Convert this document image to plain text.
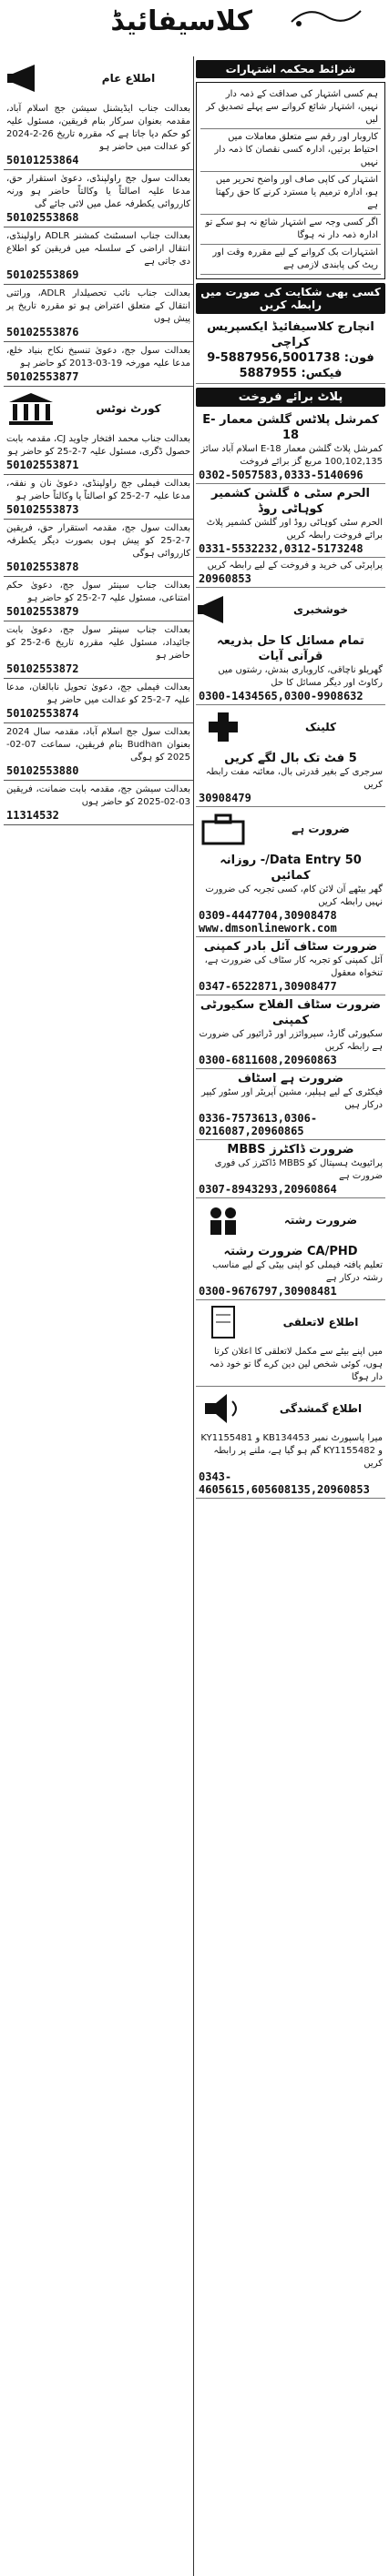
کلاسیفائیڈ
شرائط محکمہ اشتہارات
ہم کسی اشتہار کی صداقت کے ذمہ دار نہیں، اشتہار شائع کروانے سے پہلے تصدیق کر لیں
کاروبار اور رقم سے متعلق معاملات میں احتیاط برتیں، ادارہ کسی نقصان کا ذمہ دار نہیں
اشتہار کی کاپی صاف اور واضح تحریر میں ہو، ادارہ ترمیم یا مسترد کرنے کا حق رکھتا ہے
اگر کسی وجہ سے اشتہار شائع نہ ہو سکے تو ادارہ ذمہ دار نہ ہوگا
اشتہارات بک کروانے کے لیے مقررہ وقت اور ریٹ کی پابندی لازمی ہے
کسی بھی شکایت کی صورت میں رابطہ کریں
انچارج کلاسیفائیڈ ایکسپریس کراچی
فون: 5887956,5001738-9
فیکس: 5887955
پلاٹ برائے فروخت
کمرشل پلاٹس گلشن معمار E-18
کمرشل پلاٹ گلشن معمار E-18 اسلام آباد سائز 100,102,135 مربع گز برائے فروخت
0302-5057583,0333-5140696
الحرم سٹی ہ گلشن کشمیر کوہاٹی روڈ
الحرم سٹی کوہاٹی روڈ اور گلشن کشمیر پلاٹ برائے فروخت رابطہ کریں
0331-5532232,0312-5173248
پراپرٹی کی خرید و فروخت کے لیے رابطہ کریں
20960853
خوشخبری
تمام مسائل کا حل بذریعہ قرآنی آیات
گھریلو ناچاقی، کاروباری بندش، رشتوں میں رکاوٹ اور دیگر مسائل کا حل
0300-1434565,0300-9908632
کلینک
5 فٹ تک بال لگے کریں
سرجری کے بغیر قدرتی بال، معائنہ مفت رابطہ کریں
30908479
ضرورت ہے
Data Entry 50/- روزانہ کمائیں
گھر بیٹھے آن لائن کام، کسی تجربہ کی ضرورت نہیں رابطہ کریں
0309-4447704,30908478 www.dmsonlinework.com
ضرورت سٹاف آئل بادر کمپنی
آئل کمپنی کو تجربہ کار سٹاف کی ضرورت ہے، تنخواہ معقول
0347-6522871,30908477
ضرورت سٹاف الفلاح سکیورٹی کمپنی
سکیورٹی گارڈ، سپروائزر اور ڈرائیور کی ضرورت ہے رابطہ کریں
0300-6811608,20960863
ضرورت ہے اسٹاف
فیکٹری کے لیے ہیلپر، مشین آپریٹر اور سٹور کیپر درکار ہیں
0336-7573613,0306-0216087,20960865
ضرورت ڈاکٹرز MBBS
پرائیویٹ ہسپتال کو MBBS ڈاکٹرز کی فوری ضرورت ہے
0307-8943293,20960864
ضرورت رشتہ
CA/PHD ضرورت رشتہ
تعلیم یافتہ فیملی کو اپنی بیٹی کے لیے مناسب رشتہ درکار ہے
0300-9676797,30908481
اطلاع لاتعلقی
میں اپنے بیٹے سے مکمل لاتعلقی کا اعلان کرتا ہوں، کوئی شخص لین دین کرے گا تو خود ذمہ دار ہوگا
اطلاع گمشدگی
میرا پاسپورٹ نمبر KB134453 و KY1155481 و KY1155482 گم ہو گیا ہے، ملنے پر رابطہ کریں
0343-4605615,605608135,20960853
اطلاع عام
بعدالت جناب ایڈیشنل سیشن جج اسلام آباد، مقدمہ بعنوان سرکار بنام فریقین، مسئول علیہ کو حکم دیا جاتا ہے کہ مقررہ تاریخ 26-2-2024 کو عدالت میں حاضر ہو
50101253864
بعدالت سول جج راولپنڈی، دعویٰ استقرار حق، مدعا علیہ اصالتاً یا وکالتاً حاضر ہو ورنہ کارروائی یکطرفہ عمل میں لائی جائے گی
50102553868
بعدالت جناب اسسٹنٹ کمشنر ADLR راولپنڈی، انتقال اراضی کے سلسلہ میں فریقین کو اطلاع دی جاتی ہے
50102553869
بعدالت جناب نائب تحصیلدار ADLR، وراثتی انتقال کے متعلق اعتراض ہو تو مقررہ تاریخ پر پیش ہوں
50102553876
بعدالت سول جج، دعویٰ تنسیخ نکاح بنیاد خلع، مدعا علیہ مورخہ 19-03-2013 کو حاضر ہو
50102553877
کورٹ نوٹس
بعدالت جناب محمد افتخار جاوید CJ، مقدمہ بابت حصول ڈگری، مسئول علیہ 7-2-25 کو حاضر ہو
50102553871
بعدالت فیملی جج راولپنڈی، دعویٰ نان و نفقہ، مدعا علیہ 7-2-25 کو اصالتاً یا وکالتاً حاضر ہو
50102553873
بعدالت سول جج، مقدمہ استقرار حق، فریقین 7-2-25 کو پیش ہوں بصورت دیگر یکطرفہ کارروائی ہوگی
50102553878
بعدالت جناب سینئر سول جج، دعویٰ حکم امتناعی، مسئول علیہ 7-2-25 کو حاضر ہو
50102553879
بعدالت جناب سینئر سول جج، دعویٰ بابت جائیداد، مسئول علیہ مقررہ تاریخ 6-2-25 کو حاضر ہو
50102553872
بعدالت فیملی جج، دعویٰ تحویل نابالغان، مدعا علیہ 7-2-25 کو عدالت میں حاضر ہو
50102553874
بعدالت سول جج اسلام آباد، مقدمہ سال 2024 بعنوان Budhan بنام فریقین، سماعت 07-02-2025 کو ہوگی
50102553880
بعدالت سیشن جج، مقدمہ بابت ضمانت، فریقین 03-02-2025 کو حاضر ہوں
11314532
